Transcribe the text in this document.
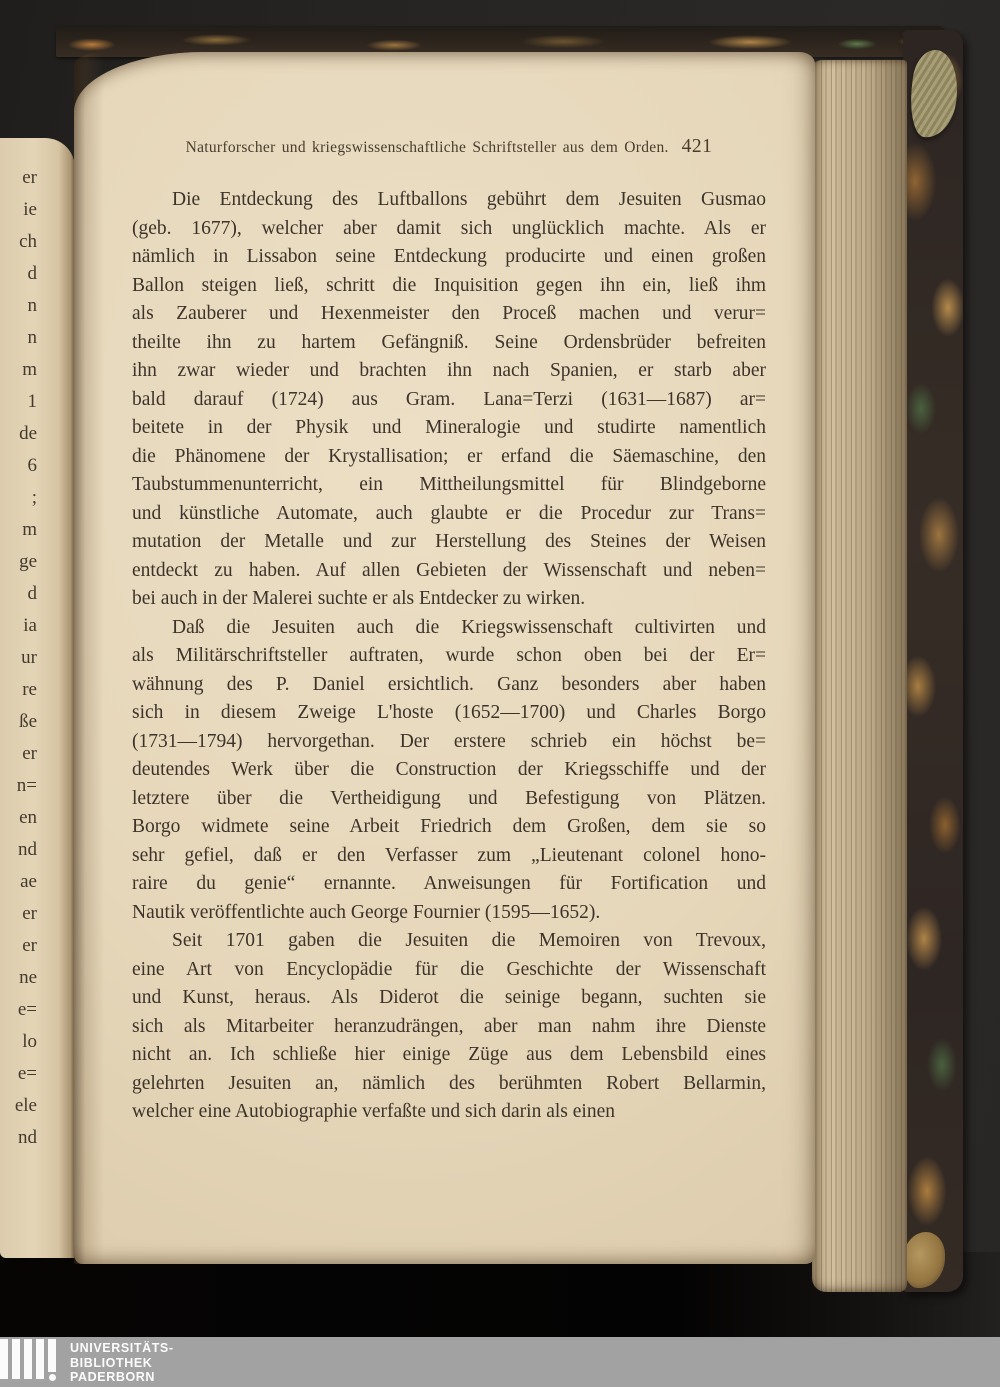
er
ie
ch
d
n
n
m
1
de
6
;
m
ge
d
ia
ur
re
ße
er
n=
en
nd
ae
er
er
ne
e=
lo
e=
ele
nd
Naturforscher und kriegswissenschaftliche Schriftsteller aus dem Orden. 421
Die Entdeckung des Luftballons gebührt dem Jesuiten Gusmao
(geb. 1677), welcher aber damit sich unglücklich machte. Als er
nämlich in Lissabon seine Entdeckung producirte und einen großen
Ballon steigen ließ, schritt die Inquisition gegen ihn ein, ließ ihm
als Zauberer und Hexenmeister den Proceß machen und verur=
theilte ihn zu hartem Gefängniß. Seine Ordensbrüder befreiten
ihn zwar wieder und brachten ihn nach Spanien, er starb aber
bald darauf (1724) aus Gram. Lana=Terzi (1631—1687) ar=
beitete in der Physik und Mineralogie und studirte namentlich
die Phänomene der Krystallisation; er erfand die Säemaschine, den
Taubstummenunterricht, ein Mittheilungsmittel für Blindgeborne
und künstliche Automate, auch glaubte er die Procedur zur Trans=
mutation der Metalle und zur Herstellung des Steines der Weisen
entdeckt zu haben. Auf allen Gebieten der Wissenschaft und neben=
bei auch in der Malerei suchte er als Entdecker zu wirken.
Daß die Jesuiten auch die Kriegswissenschaft cultivirten und
als Militärschriftsteller auftraten, wurde schon oben bei der Er=
wähnung des P. Daniel ersichtlich. Ganz besonders aber haben
sich in diesem Zweige L'hoste (1652—1700) und Charles Borgo
(1731—1794) hervorgethan. Der erstere schrieb ein höchst be=
deutendes Werk über die Construction der Kriegsschiffe und der
letztere über die Vertheidigung und Befestigung von Plätzen.
Borgo widmete seine Arbeit Friedrich dem Großen, dem sie so
sehr gefiel, daß er den Verfasser zum „Lieutenant colonel hono-
raire du genie“ ernannte. Anweisungen für Fortification und
Nautik veröffentlichte auch George Fournier (1595—1652).
Seit 1701 gaben die Jesuiten die Memoiren von Trevoux,
eine Art von Encyclopädie für die Geschichte der Wissenschaft
und Kunst, heraus. Als Diderot die seinige begann, suchten sie
sich als Mitarbeiter heranzudrängen, aber man nahm ihre Dienste
nicht an. Ich schließe hier einige Züge aus dem Lebensbild eines
gelehrten Jesuiten an, nämlich des berühmten Robert Bellarmin,
welcher eine Autobiographie verfaßte und sich darin als einen
UNIVERSITÄTS-
BIBLIOTHEK
PADERBORN
